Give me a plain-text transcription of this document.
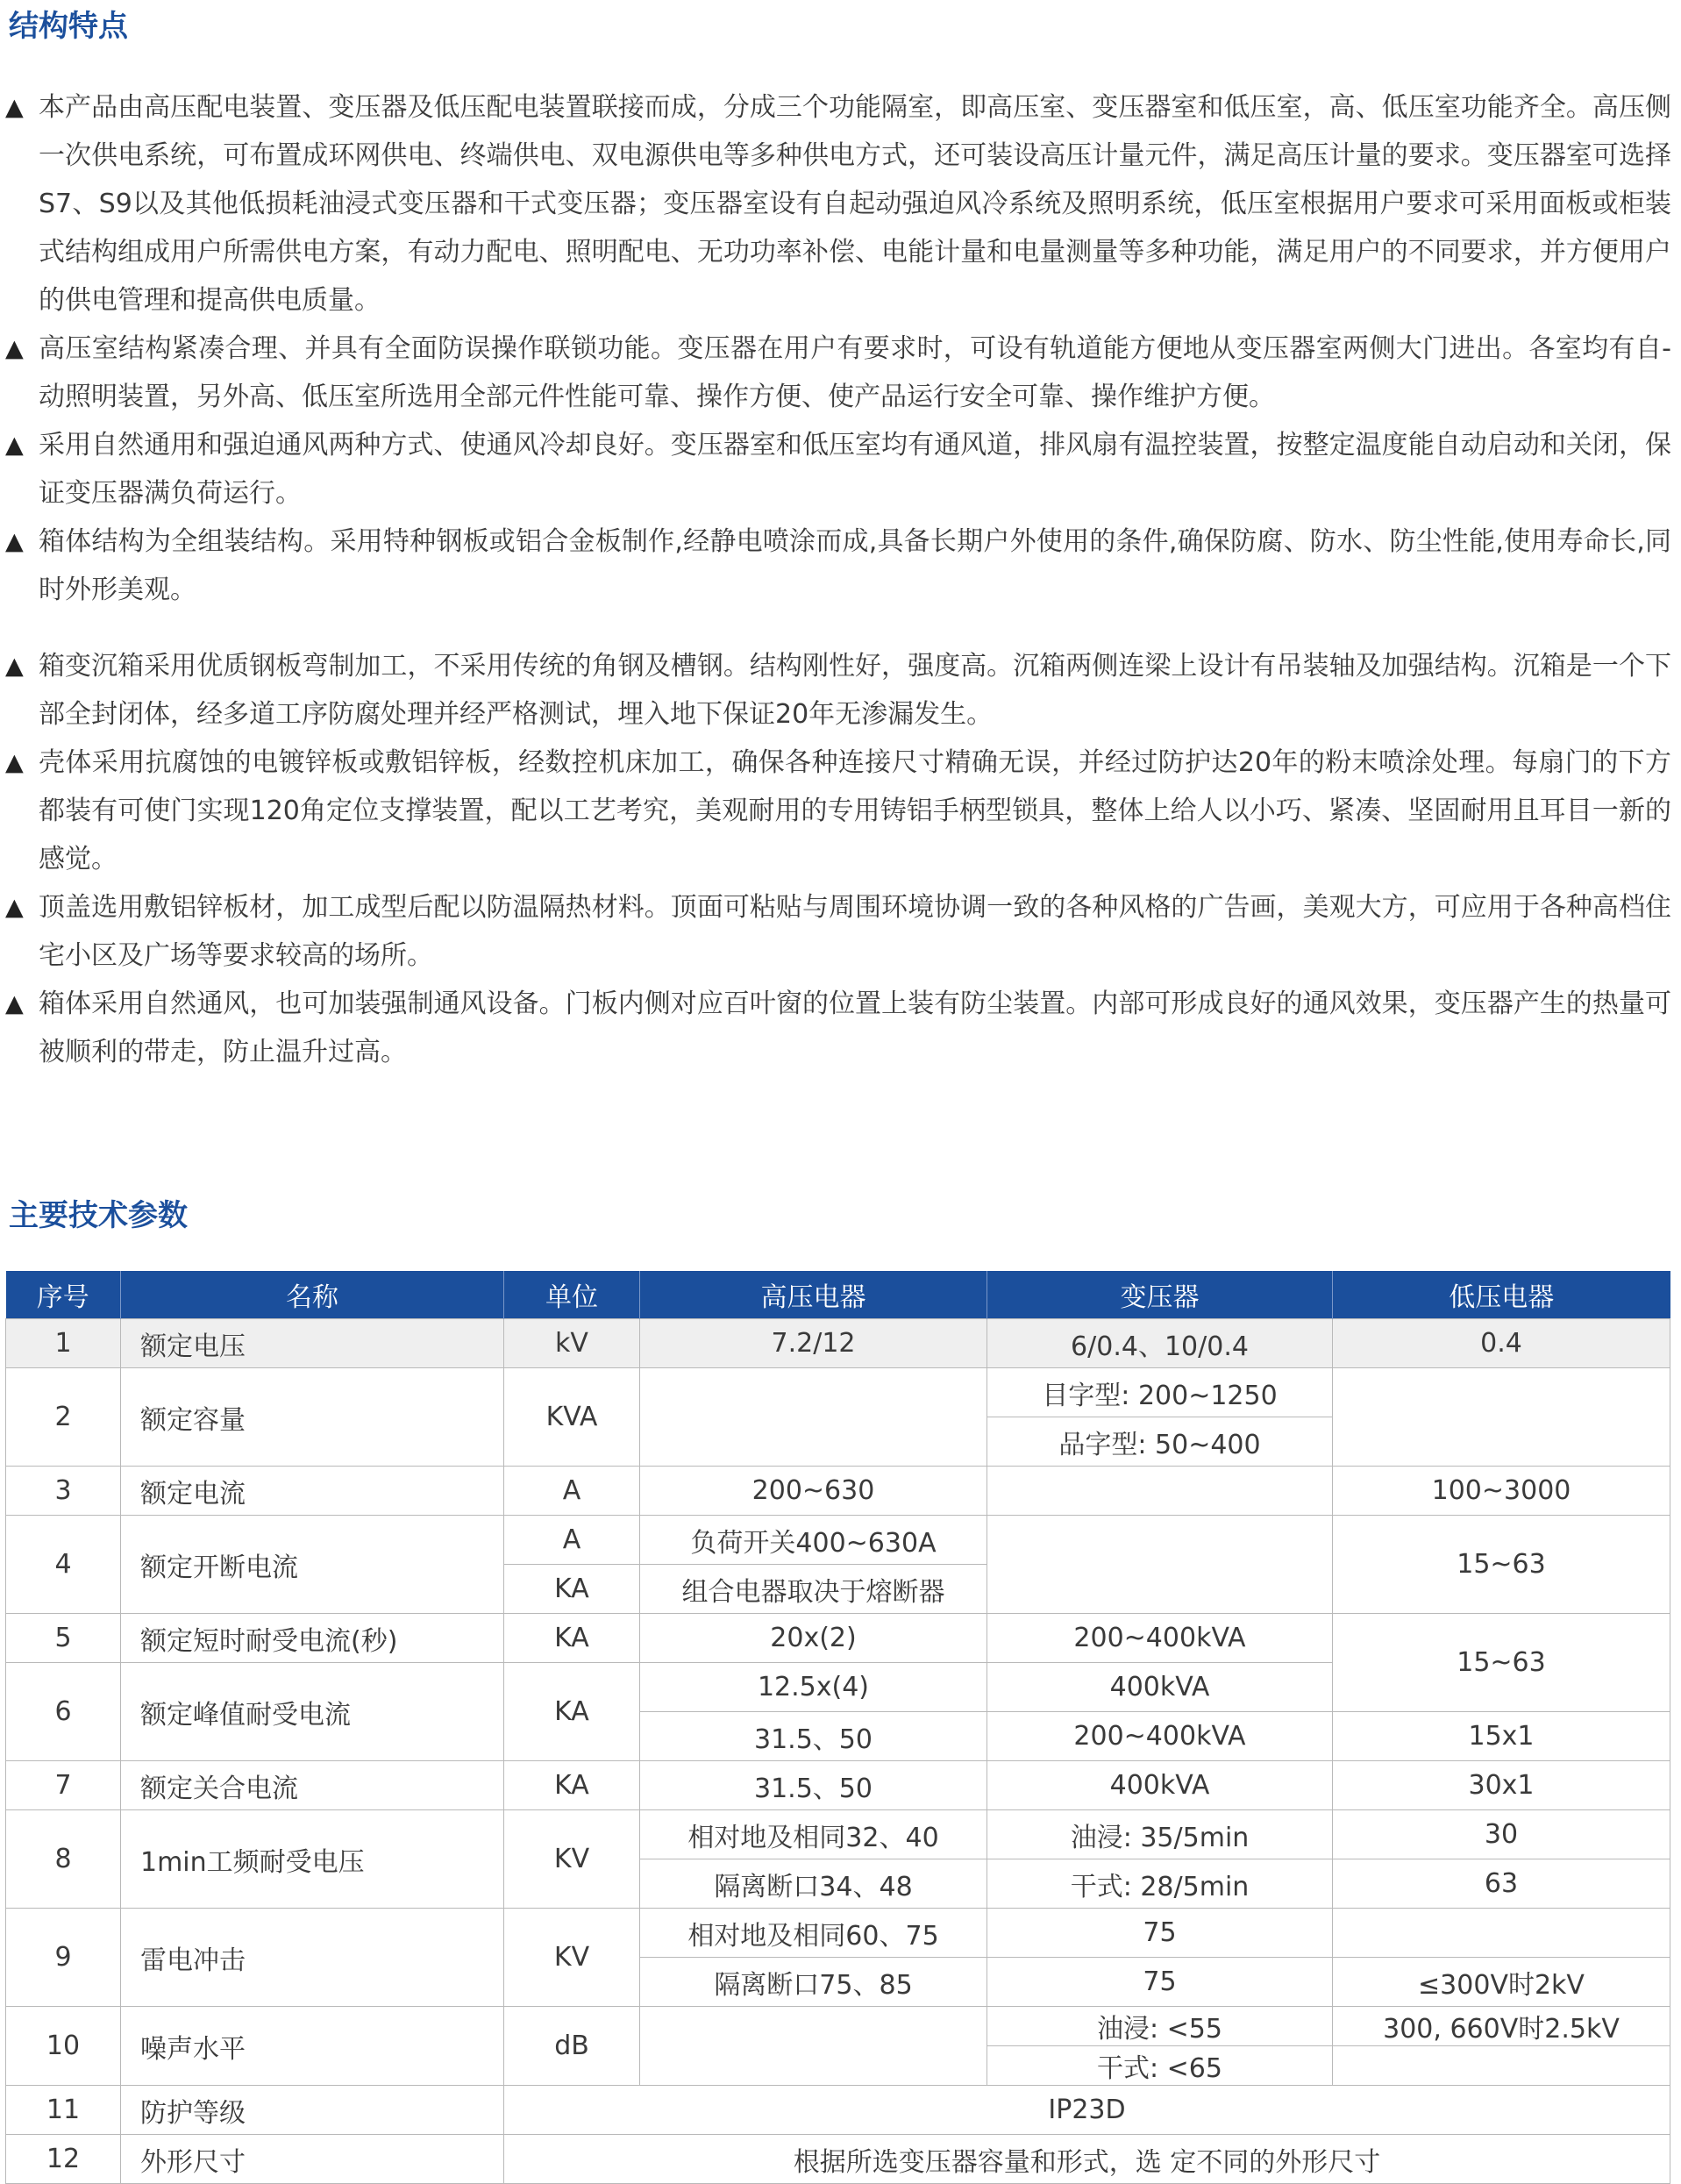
结构特点

▲ 本产品由高压配电装置、变压器及低压配电装置联接而成，分成三个功能隔室，即高压室、变压器室和低压室，高、低压室功能齐全。高压侧一次供电系统，可布置成环网供电、终端供电、双电源供电等多种供电方式，还可装设高压计量元件，满足高压计量的要求。变压器室可选择S7、S9以及其他低损耗油浸式变压器和干式变压器；变压器室设有自起动强迫风冷系统及照明系统，低压室根据用户要求可采用面板或柜装式结构组成用户所需供电方案，有动力配电、照明配电、无功功率补偿、电能计量和电量测量等多种功能，满足用户的不同要求，并方便用户的供电管理和提高供电质量。

▲ 高压室结构紧凑合理、并具有全面防误操作联锁功能。变压器在用户有要求时，可设有轨道能方便地从变压器室两侧大门进出。各室均有自-动照明装置，另外高、低压室所选用全部元件性能可靠、操作方便、使产品运行安全可靠、操作维护方便。

▲ 采用自然通用和强迫通风两种方式、使通风冷却良好。变压器室和低压室均有通风道，排风扇有温控装置，按整定温度能自动启动和关闭，保证变压器满负荷运行。

▲ 箱体结构为全组装结构。采用特种钢板或铝合金板制作,经静电喷涂而成,具备长期户外使用的条件,确保防腐、防水、防尘性能,使用寿命长,同时外形美观。

▲ 箱变沉箱采用优质钢板弯制加工，不采用传统的角钢及槽钢。结构刚性好，强度高。沉箱两侧连梁上设计有吊装轴及加强结构。沉箱是一个下部全封闭体，经多道工序防腐处理并经严格测试，埋入地下保证20年无渗漏发生。

▲ 壳体采用抗腐蚀的电镀锌板或敷铝锌板，经数控机床加工，确保各种连接尺寸精确无误，并经过防护达20年的粉末喷涂处理。每扇门的下方都装有可使门实现120角定位支撑装置，配以工艺考究，美观耐用的专用铸铝手柄型锁具，整体上给人以小巧、紧凑、坚固耐用且耳目一新的感觉。

▲ 顶盖选用敷铝锌板材，加工成型后配以防温隔热材料。顶面可粘贴与周围环境协调一致的各种风格的广告画，美观大方，可应用于各种高档住宅小区及广场等要求较高的场所。

▲ 箱体采用自然通风，也可加装强制通风设备。门板内侧对应百叶窗的位置上装有防尘装置。内部可形成良好的通风效果，变压器产生的热量可被顺利的带走，防止温升过高。

主要技术参数
序号	名称	单位	高压电器	变压器	低压电器
1	额定电压	kV	7.2/12	6/0.4、10/0.4	0.4
2	额定容量	KVA		目字型: 200~1250	
				品字型: 50~400	
3	额定电流	A	200~630		100~3000
4	额定开断电流	A	负荷开关400~630A		15~63
		KA	组合电器取决于熔断器		
5	额定短时耐受电流(秒)	KA	20x(2)	200~400kVA	15~63
6	额定峰值耐受电流	KA	12.5x(4)	400kVA	
			31.5、50	200~400kVA	15x1
7	额定关合电流	KA	31.5、50	400kVA	30x1
8	1min工频耐受电压	KV	相对地及相同32、40	油浸: 35/5min	30
			隔离断口34、48	干式: 28/5min	63
9	雷电冲击	KV	相对地及相同60、75	75	
			隔离断口75、85	75	≤300V时2kV
10	噪声水平	dB		油浸: <55	300, 660V时2.5kV
				干式: <65	
11	防护等级	IP23D			
12	外形尺寸	根据所选变压器容量和形式，选 定不同的外形尺寸			
